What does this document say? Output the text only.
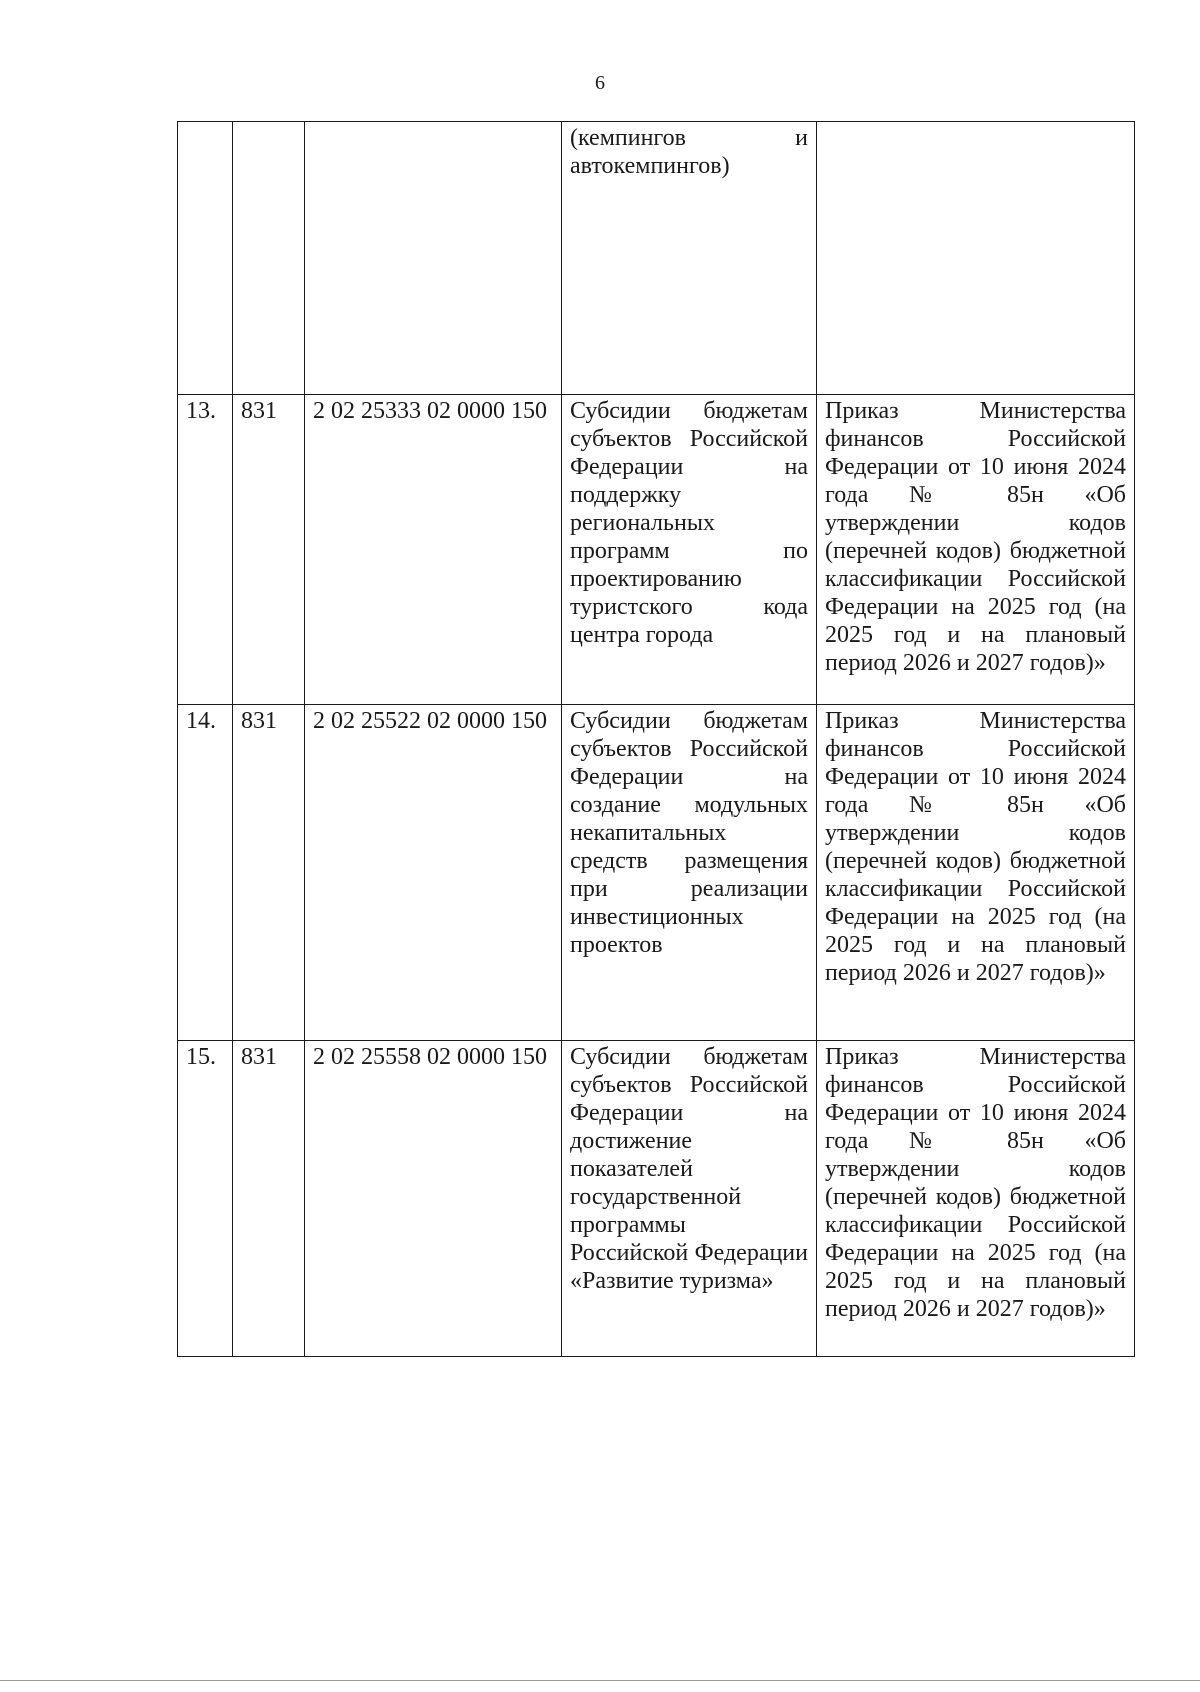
6
			(кемпингов и автокемпингов)	
13.	831	2 02 25333 02 0000 150	Субсидии бюджетам субъектов Российской Федерации на поддержку региональных программ по проектированию туристского кода центра города	Приказ Министерства финансов Российской Федерации от 10 июня 2024 года № 85н «Об утверждении кодов (перечней кодов) бюджетной классификации Российской Федерации на 2025 год (на 2025 год и на плановый период 2026 и 2027 годов)»
14.	831	2 02 25522 02 0000 150	Субсидии бюджетам субъектов Российской Федерации на создание модульных некапитальных средств размещения при реализации инвестиционных проектов	Приказ Министерства финансов Российской Федерации от 10 июня 2024 года № 85н «Об утверждении кодов (перечней кодов) бюджетной классификации Российской Федерации на 2025 год (на 2025 год и на плановый период 2026 и 2027 годов)»
15.	831	2 02 25558 02 0000 150	Субсидии бюджетам субъектов Российской Федерации на достижение показателей государственной программы Российской Федерации «Развитие туризма»	Приказ Министерства финансов Российской Федерации от 10 июня 2024 года № 85н «Об утверждении кодов (перечней кодов) бюджетной классификации Российской Федерации на 2025 год (на 2025 год и на плановый период 2026 и 2027 годов)»
